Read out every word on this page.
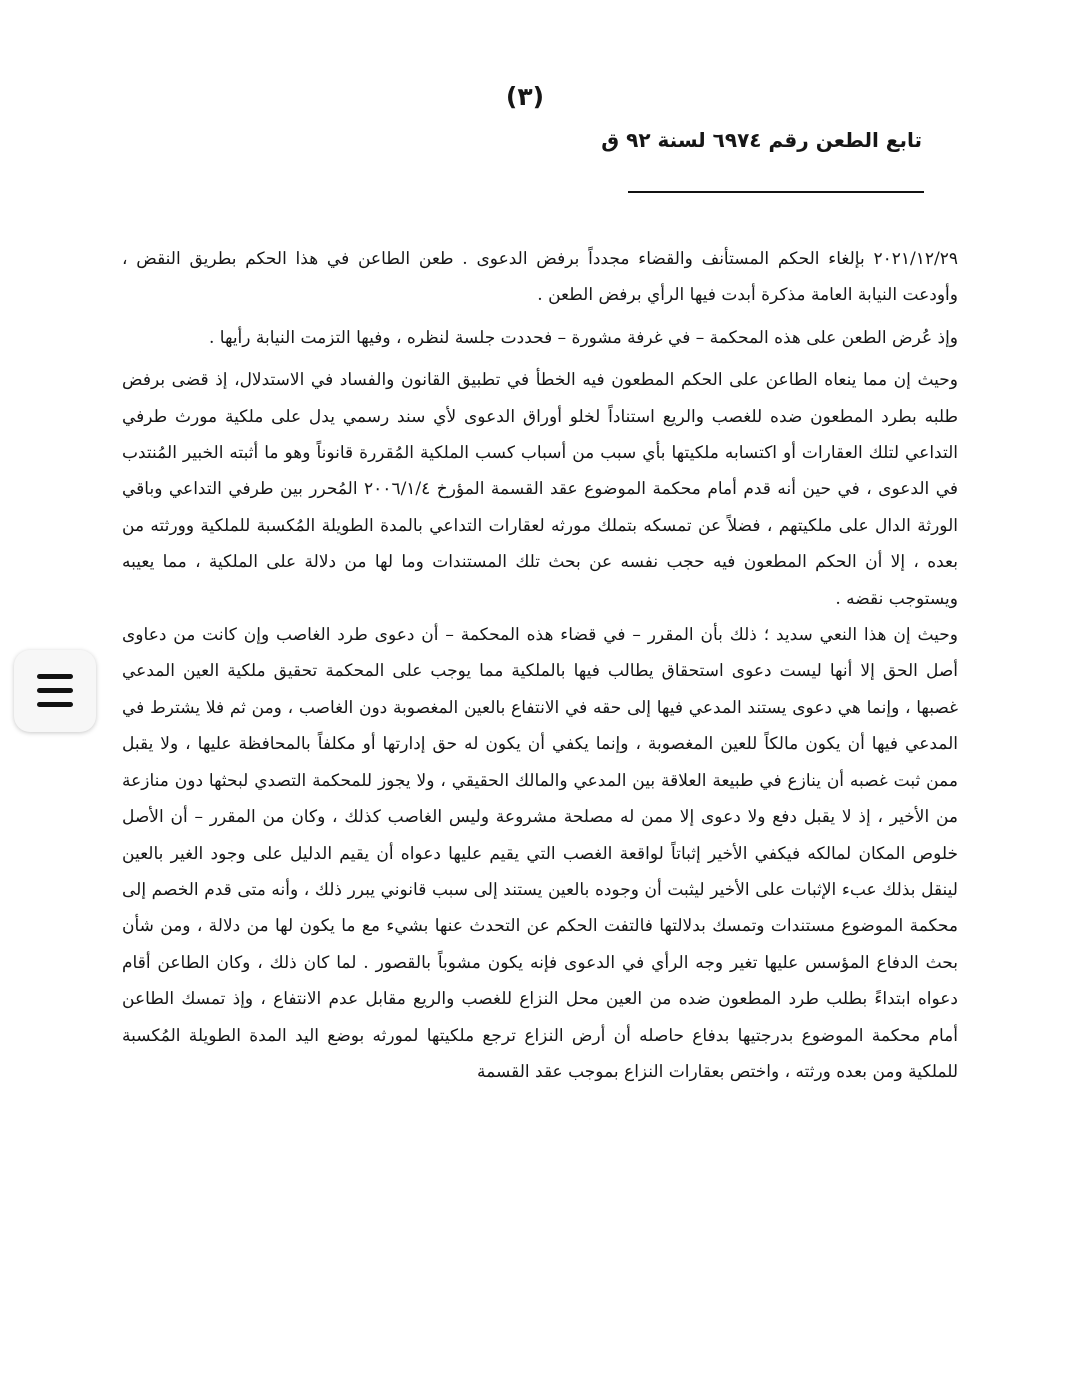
(٣)
تابع الطعن رقم ٦٩٧٤ لسنة ٩٢ ق

٢٠٢١/١٢/٢٩ بإلغاء الحكم المستأنف والقضاء مجدداً برفض الدعوى . طعن الطاعن في هذا الحكم بطريق النقض ، وأودعت النيابة العامة مذكرة أبدت فيها الرأي برفض الطعن .

وإذ عُرض الطعن على هذه المحكمة – في غرفة مشورة – فحددت جلسة لنظره ، وفيها التزمت النيابة رأيها .

وحيث إن مما ينعاه الطاعن على الحكم المطعون فيه الخطأ في تطبيق القانون والفساد في الاستدلال، إذ قضى برفض طلبه بطرد المطعون ضده للغصب والريع استناداً لخلو أوراق الدعوى لأي سند رسمي يدل على ملكية مورث طرفي التداعي لتلك العقارات أو اكتسابه ملكيتها بأي سبب من أسباب كسب الملكية المُقررة قانوناً وهو ما أثبته الخبير المُنتدب في الدعوى ، في حين أنه قدم أمام محكمة الموضوع عقد القسمة المؤرخ ٢٠٠٦/١/٤ المُحرر بين طرفي التداعي وباقي الورثة الدال على ملكيتهم ، فضلاً عن تمسكه بتملك مورثه لعقارات التداعي بالمدة الطويلة المُكسبة للملكية وورثته من بعده ، إلا أن الحكم المطعون فيه حجب نفسه عن بحث تلك المستندات وما لها من دلالة على الملكية ، مما يعيبه ويستوجب نقضه .

وحيث إن هذا النعي سديد ؛ ذلك بأن المقرر – في قضاء هذه المحكمة – أن دعوى طرد الغاصب وإن كانت من دعاوى أصل الحق إلا أنها ليست دعوى استحقاق يطالب فيها بالملكية مما يوجب على المحكمة تحقيق ملكية العين المدعي غصبها ، وإنما هي دعوى يستند المدعي فيها إلى حقه في الانتفاع بالعين المغصوبة دون الغاصب ، ومن ثم فلا يشترط في المدعي فيها أن يكون مالكاً للعين المغصوبة ، وإنما يكفي أن يكون له حق إدارتها أو مكلفاً بالمحافظة عليها ، ولا يقبل ممن ثبت غصبه أن ينازع في طبيعة العلاقة بين المدعي والمالك الحقيقي ، ولا يجوز للمحكمة التصدي لبحثها دون منازعة من الأخير ، إذ لا يقبل دفع ولا دعوى إلا ممن له مصلحة مشروعة وليس الغاصب كذلك ، وكان من المقرر – أن الأصل خلوص المكان لمالكه فيكفي الأخير إثباتاً لواقعة الغصب التي يقيم عليها دعواه أن يقيم الدليل على وجود الغير بالعين لينقل بذلك عبء الإثبات على الأخير ليثبت أن وجوده بالعين يستند إلى سبب قانوني يبرر ذلك ، وأنه متى قدم الخصم إلى محكمة الموضوع مستندات وتمسك بدلالتها فالتفت الحكم عن التحدث عنها بشيء مع ما يكون لها من دلالة ، ومن شأن بحث الدفاع المؤسس عليها تغير وجه الرأي في الدعوى فإنه يكون مشوباً بالقصور . لما كان ذلك ، وكان الطاعن أقام دعواه ابتداءً بطلب طرد المطعون ضده من العين محل النزاع للغصب والريع مقابل عدم الانتفاع ، وإذ تمسك الطاعن أمام محكمة الموضوع بدرجتيها بدفاع حاصله أن أرض النزاع ترجع ملكيتها لمورثه بوضع اليد المدة الطويلة المُكسبة للملكية ومن بعده ورثته ، واختص بعقارات النزاع بموجب عقد القسمة
